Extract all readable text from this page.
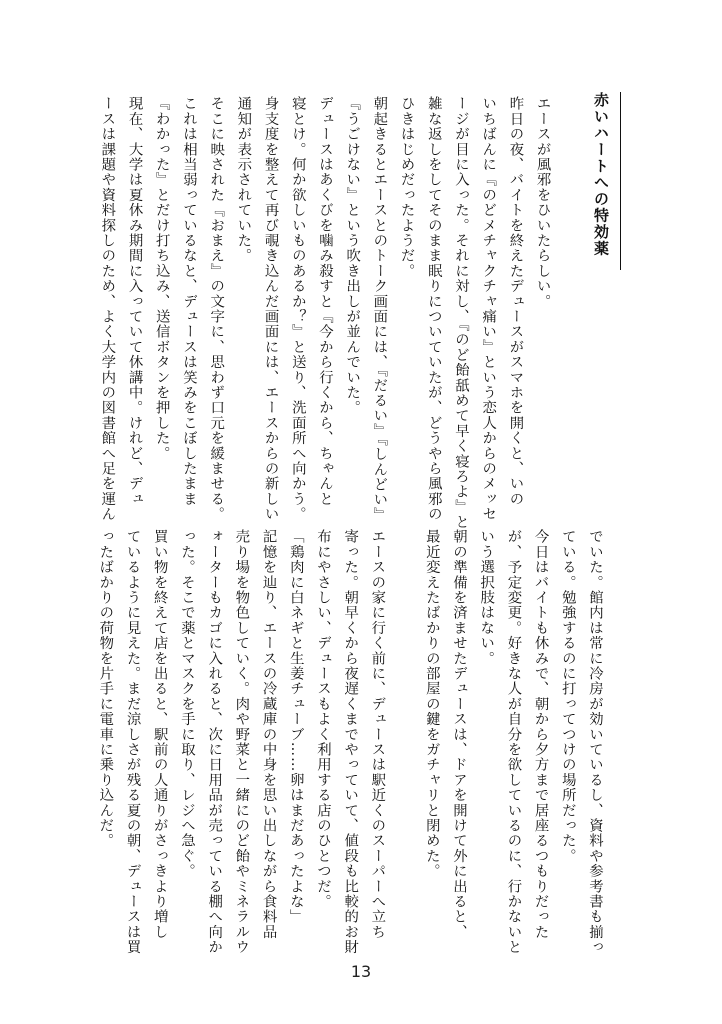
赤いハートへの特効薬
エースが風邪をひいたらしい。
昨日の夜、バイトを終えたデュースがスマホを開くと、いの
いちばんに『のどメチャクチャ痛い』という恋人からのメッセ
ージが目に入った。それに対し、『のど飴舐めて早く寝ろよ』と
雑な返しをしてそのまま眠りについていたが、どうやら風邪の
ひきはじめだったようだ。
朝起きるとエースとのトーク画面には、『だるい』『しんどい』
『うごけない』という吹き出しが並んでいた。
デュースはあくびを噛み殺すと『今から行くから、ちゃんと
寝とけ。何か欲しいものあるか？』と送り、洗面所へ向かう。
身支度を整えて再び覗き込んだ画面には、エースからの新しい
通知が表示されていた。
そこに映された『おまえ』の文字に、思わず口元を緩ませる。
これは相当弱っているなと、デュースは笑みをこぼしたまま
『わかった』とだけ打ち込み、送信ボタンを押した。
現在、大学は夏休み期間に入っていて休講中。けれど、デュ
ースは課題や資料探しのため、よく大学内の図書館へ足を運ん
でいた。館内は常に冷房が効いているし、資料や参考書も揃っ
ている。勉強するのに打ってつけの場所だった。
今日はバイトも休みで、朝から夕方まで居座るつもりだった
が、予定変更。好きな人が自分を欲しているのに、行かないと
いう選択肢はない。
朝の準備を済ませたデュースは、ドアを開けて外に出ると、
最近変えたばかりの部屋の鍵をガチャリと閉めた。

エースの家に行く前に、デュースは駅近くのスーパーへ立ち
寄った。朝早くから夜遅くまでやっていて、値段も比較的お財
布にやさしい、デュースもよく利用する店のひとつだ。
「鶏肉に白ネギと生姜チューブ……卵はまだあったよな」
記憶を辿り、エースの冷蔵庫の中身を思い出しながら食料品
売り場を物色していく。肉や野菜と一緒にのど飴やミネラルウ
ォーターもカゴに入れると、次に日用品が売っている棚へ向か
った。そこで薬とマスクを手に取り、レジへ急ぐ。
買い物を終えて店を出ると、駅前の人通りがさっきより増し
ているように見えた。まだ涼しさが残る夏の朝、デュースは買
ったばかりの荷物を片手に電車に乗り込んだ。
13
